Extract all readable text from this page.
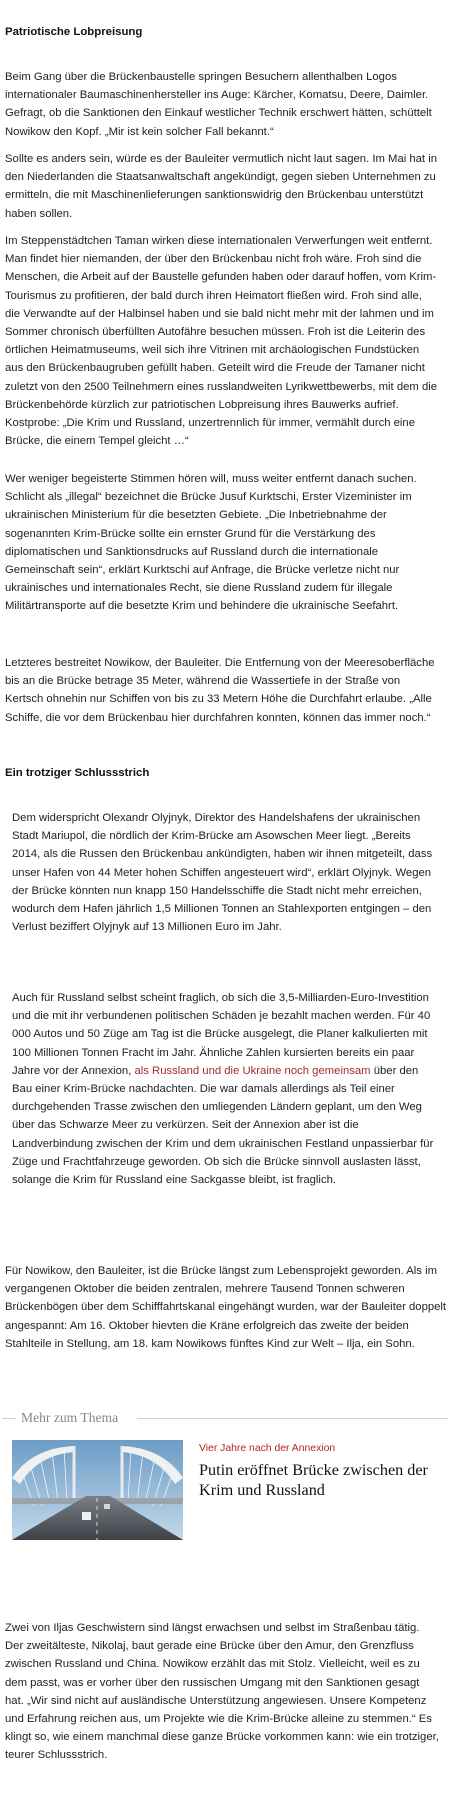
Patriotische Lobpreisung

Beim Gang über die Brückenbaustelle springen Besuchern allenthalben Logos internationaler Baumaschinenhersteller ins Auge: Kärcher, Komatsu, Deere, Daimler. Gefragt, ob die Sanktionen den Einkauf westlicher Technik erschwert hätten, schüttelt Nowikow den Kopf. „Mir ist kein solcher Fall bekannt.“

Sollte es anders sein, würde es der Bauleiter vermutlich nicht laut sagen. Im Mai hat in den Niederlanden die Staatsanwaltschaft angekündigt, gegen sieben Unternehmen zu ermitteln, die mit Maschinenlieferungen sanktionswidrig den Brückenbau unterstützt haben sollen.

Im Steppenstädtchen Taman wirken diese internationalen Verwerfungen weit entfernt. Man findet hier niemanden, der über den Brückenbau nicht froh wäre. Froh sind die Menschen, die Arbeit auf der Baustelle gefunden haben oder darauf hoffen, vom Krim-Tourismus zu profitieren, der bald durch ihren Heimatort fließen wird. Froh sind alle, die Verwandte auf der Halbinsel haben und sie bald nicht mehr mit der lahmen und im Sommer chronisch überfüllten Autofähre besuchen müssen. Froh ist die Leiterin des örtlichen Heimatmuseums, weil sich ihre Vitrinen mit archäologischen Fundstücken aus den Brückenbaugruben gefüllt haben. Geteilt wird die Freude der Tamaner nicht zuletzt von den 2500 Teilnehmern eines russlandweiten Lyrikwettbewerbs, mit dem die Brückenbehörde kürzlich zur patriotischen Lobpreisung ihres Bauwerks aufrief. Kostprobe: „Die Krim und Russland, unzertrennlich für immer, vermählt durch eine Brücke, die einem Tempel gleicht …“

Wer weniger begeisterte Stimmen hören will, muss weiter entfernt danach suchen. Schlicht als „illegal“ bezeichnet die Brücke Jusuf Kurktschi, Erster Vizeminister im ukrainischen Ministerium für die besetzten Gebiete. „Die Inbetriebnahme der sogenannten Krim-Brücke sollte ein ernster Grund für die Verstärkung des diplomatischen und Sanktionsdrucks auf Russland durch die internationale Gemeinschaft sein“, erklärt Kurktschi auf Anfrage, die Brücke verletze nicht nur ukrainisches und internationales Recht, sie diene Russland zudem für illegale Militärtransporte auf die besetzte Krim und behindere die ukrainische Seefahrt.

Letzteres bestreitet Nowikow, der Bauleiter. Die Entfernung von der Meeresoberfläche bis an die Brücke betrage 35 Meter, während die Wassertiefe in der Straße von Kertsch ohnehin nur Schiffen von bis zu 33 Metern Höhe die Durchfahrt erlaube. „Alle Schiffe, die vor dem Brückenbau hier durchfahren konnten, können das immer noch.“

Ein trotziger Schlussstrich

Dem widerspricht Olexandr Olyjnyk, Direktor des Handelshafens der ukrainischen Stadt Mariupol, die nördlich der Krim-Brücke am Asowschen Meer liegt. „Bereits 2014, als die Russen den Brückenbau ankündigten, haben wir ihnen mitgeteilt, dass unser Hafen von 44 Meter hohen Schiffen angesteuert wird“, erklärt Olyjnyk. Wegen der Brücke könnten nun knapp 150 Handelsschiffe die Stadt nicht mehr erreichen, wodurch dem Hafen jährlich 1,5 Millionen Tonnen an Stahlexporten entgingen – den Verlust beziffert Olyjnyk auf 13 Millionen Euro im Jahr.

Auch für Russland selbst scheint fraglich, ob sich die 3,5-Milliarden-Euro-Investition und die mit ihr verbundenen politischen Schäden je bezahlt machen werden. Für 40 000 Autos und 50 Züge am Tag ist die Brücke ausgelegt, die Planer kalkulierten mit 100 Millionen Tonnen Fracht im Jahr. Ähnliche Zahlen kursierten bereits ein paar Jahre vor der Annexion, als Russland und die Ukraine noch gemeinsam über den Bau einer Krim-Brücke nachdachten. Die war damals allerdings als Teil einer durchgehenden Trasse zwischen den umliegenden Ländern geplant, um den Weg über das Schwarze Meer zu verkürzen. Seit der Annexion aber ist die Landverbindung zwischen der Krim und dem ukrainischen Festland unpassierbar für Züge und Frachtfahrzeuge geworden. Ob sich die Brücke sinnvoll auslasten lässt, solange die Krim für Russland eine Sackgasse bleibt, ist fraglich.

Für Nowikow, den Bauleiter, ist die Brücke längst zum Lebensprojekt geworden. Als im vergangenen Oktober die beiden zentralen, mehrere Tausend Tonnen schweren Brückenbögen über dem Schifffahrtskanal eingehängt wurden, war der Bauleiter doppelt angespannt: Am 16. Oktober hievten die Kräne erfolgreich das zweite der beiden Stahlteile in Stellung, am 18. kam Nowikows fünftes Kind zur Welt – Ilja, ein Sohn.

Mehr zum Thema
Vier Jahre nach der Annexion
Putin eröffnet Brücke zwischen der Krim und Russland

Zwei von Iljas Geschwistern sind längst erwachsen und selbst im Straßenbau tätig. Der zweitälteste, Nikolaj, baut gerade eine Brücke über den Amur, den Grenzfluss zwischen Russland und China. Nowikow erzählt das mit Stolz. Vielleicht, weil es zu dem passt, was er vorher über den russischen Umgang mit den Sanktionen gesagt hat. „Wir sind nicht auf ausländische Unterstützung angewiesen. Unsere Kompetenz und Erfahrung reichen aus, um Projekte wie die Krim-Brücke alleine zu stemmen.“ Es klingt so, wie einem manchmal diese ganze Brücke vorkommen kann: wie ein trotziger, teurer Schlussstrich.
